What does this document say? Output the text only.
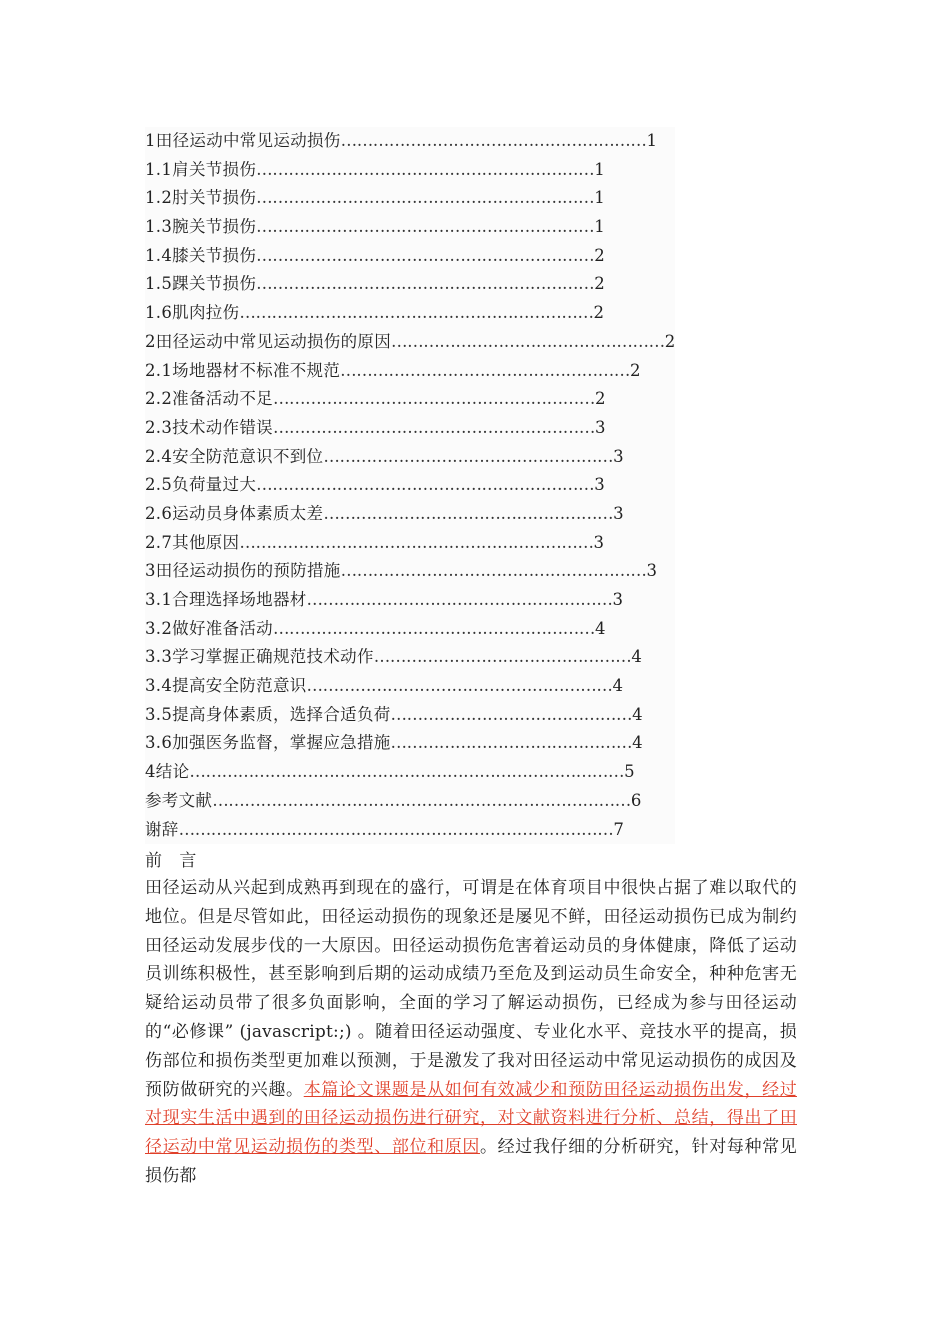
1田径运动中常见运动损伤…………………………………………………1
1.1肩关节损伤………………………………………………………1
1.2肘关节损伤………………………………………………………1
1.3腕关节损伤………………………………………………………1
1.4膝关节损伤………………………………………………………2
1.5踝关节损伤………………………………………………………2
1.6肌肉拉伤…………………………………………………………2
2田径运动中常见运动损伤的原因……………………………………………2
2.1场地器材不标准不规范………………………………………………2
2.2准备活动不足……………………………………………………2
2.3技术动作错误……………………………………………………3
2.4安全防范意识不到位………………………………………………3
2.5负荷量过大………………………………………………………3
2.6运动员身体素质太差………………………………………………3
2.7其他原因…………………………………………………………3
3田径运动损伤的预防措施…………………………………………………3
3.1合理选择场地器材…………………………………………………3
3.2做好准备活动……………………………………………………4
3.3学习掌握正确规范技术动作…………………………………………4
3.4提高安全防范意识…………………………………………………4
3.5提高身体素质，选择合适负荷………………………………………4
3.6加强医务监督，掌握应急措施………………………………………4
4结论………………………………………………………………………5
参考文献……………………………………………………………………6
谢辞………………………………………………………………………7
前 言
田径运动从兴起到成熟再到现在的盛行，可谓是在体育项目中很快占据了难以取代的地位。但是尽管如此，田径运动损伤的现象还是屡见不鲜，田径运动损伤已成为制约田径运动发展步伐的一大原因。田径运动损伤危害着运动员的身体健康，降低了运动员训练积极性，甚至影响到后期的运动成绩乃至危及到运动员生命安全，种种危害无疑给运动员带了很多负面影响，全面的学习了解运动损伤，已经成为参与田径运动的“必修课” (javascript:;) 。随着田径运动强度、专业化水平、竞技水平的提高，损伤部位和损伤类型更加难以预测，于是激发了我对田径运动中常见运动损伤的成因及预防做研究的兴趣。本篇论文课题是从如何有效减少和预防田径运动损伤出发，经过对现实生活中遇到的田径运动损伤进行研究，对文献资料进行分析、总结，得出了田径运动中常见运动损伤的类型、部位和原因。经过我仔细的分析研究，针对每种常见损伤都
